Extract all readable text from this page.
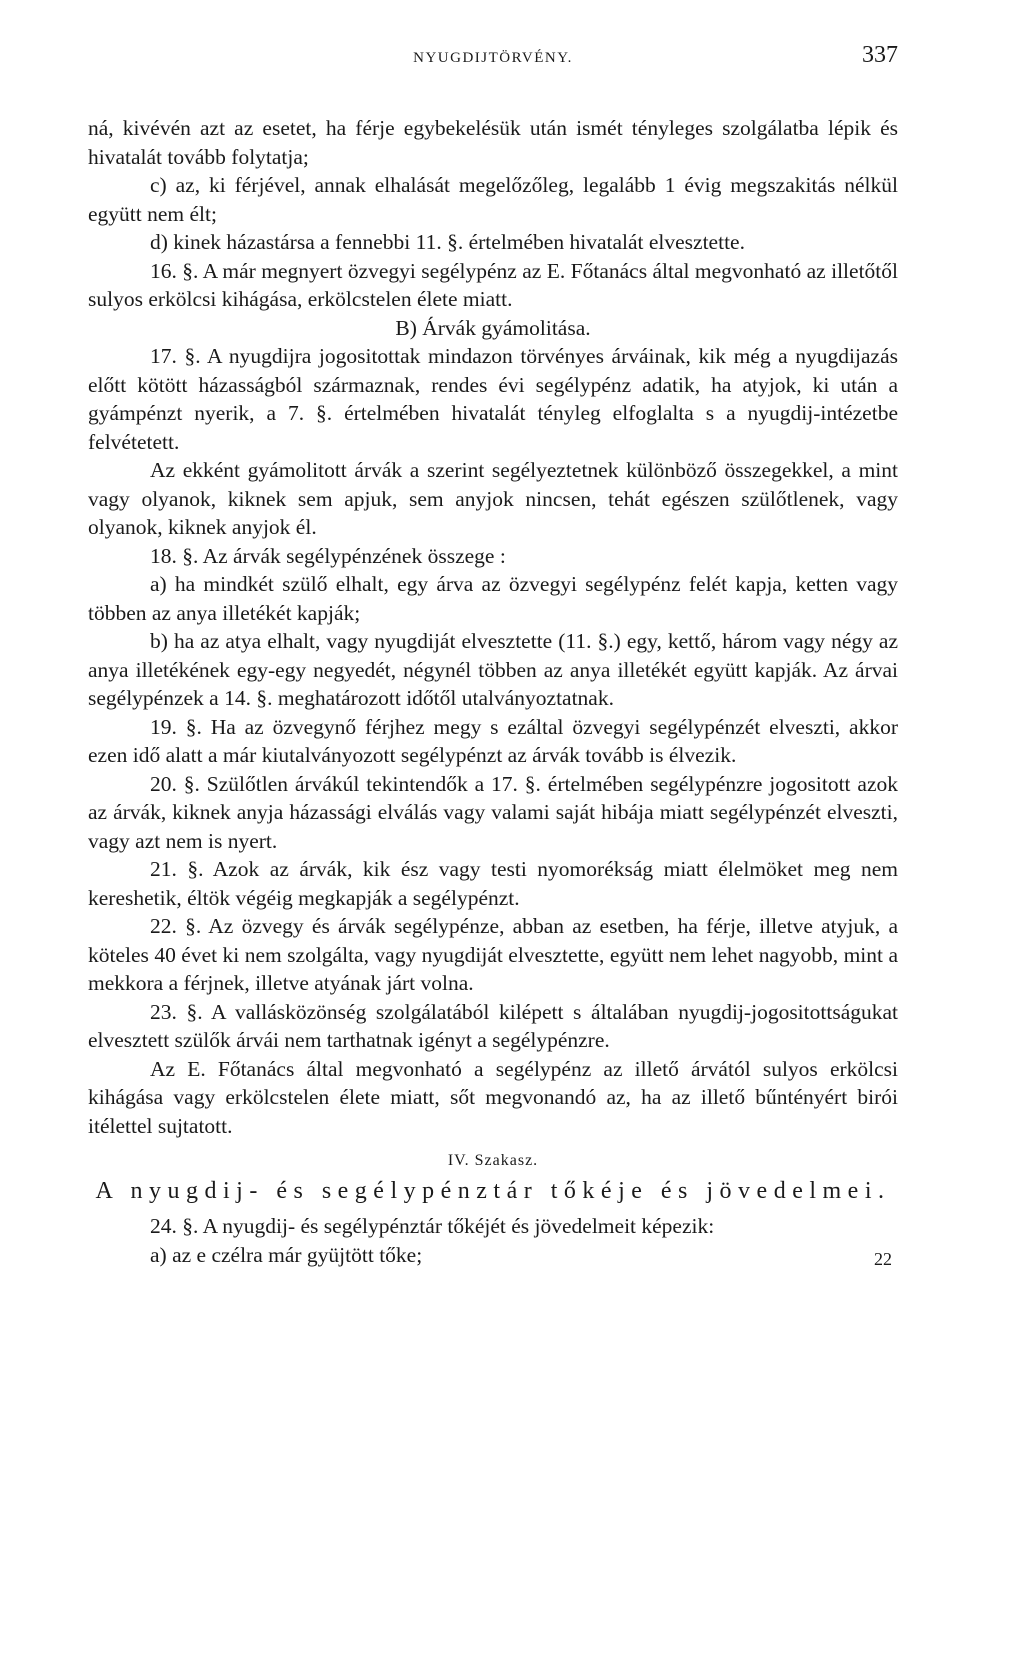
NYUGDIJTÖRVÉNY.	337

ná, kivévén azt az esetet, ha férje egybekelésük után ismét tényleges szolgálatba lépik és hivatalát tovább folytatja;

c) az, ki férjével, annak elhalását megelőzőleg, legalább 1 évig megszakitás nélkül együtt nem élt;

d) kinek házastársa a fennebbi 11. §. értelmében hivatalát elvesztette.

16. §. A már megnyert özvegyi segélypénz az E. Főtanács által megvonható az illetőtől sulyos erkölcsi kihágása, erkölcstelen élete miatt.

B) Árvák gyámolitása.

17. §. A nyugdijra jogositottak mindazon törvényes árváinak, kik még a nyugdijazás előtt kötött házasságból származnak, rendes évi segélypénz adatik, ha atyjok, ki után a gyámpénzt nyerik, a 7. §. értelmében hivatalát tényleg elfoglalta s a nyugdij-intézetbe felvétetett.

Az ekként gyámolitott árvák a szerint segélyeztetnek különböző összegekkel, a mint vagy olyanok, kiknek sem apjuk, sem anyjok nincsen, tehát egészen szülőtlenek, vagy olyanok, kiknek anyjok él.

18. §. Az árvák segélypénzének összege :

a) ha mindkét szülő elhalt, egy árva az özvegyi segélypénz felét kapja, ketten vagy többen az anya illetékét kapják;

b) ha az atya elhalt, vagy nyugdiját elvesztette (11. §.) egy, kettő, három vagy négy az anya illetékének egy-egy negyedét, négynél többen az anya illetékét együtt kapják. Az árvai segélypénzek a 14. §. meghatározott időtől utalványoztatnak.

19. §. Ha az özvegynő férjhez megy s ezáltal özvegyi segélypénzét elveszti, akkor ezen idő alatt a már kiutalványozott segélypénzt az árvák tovább is élvezik.

20. §. Szülőtlen árvákúl tekintendők a 17. §. értelmében segélypénzre jogositott azok az árvák, kiknek anyja házassági elválás vagy valami saját hibája miatt segélypénzét elveszti, vagy azt nem is nyert.

21. §. Azok az árvák, kik ész vagy testi nyomorékság miatt élelmöket meg nem kereshetik, éltök végéig megkapják a segélypénzt.

22. §. Az özvegy és árvák segélypénze, abban az esetben, ha férje, illetve atyjuk, a köteles 40 évet ki nem szolgálta, vagy nyugdiját elvesztette, együtt nem lehet nagyobb, mint a mekkora a férjnek, illetve atyának járt volna.

23. §. A vallásközönség szolgálatából kilépett s általában nyugdij-jogositottságukat elvesztett szülők árvái nem tarthatnak igényt a segélypénzre.

Az E. Főtanács által megvonható a segélypénz az illető árvától sulyos erkölcsi kihágása vagy erkölcstelen élete miatt, sőt megvonandó az, ha az illető bűntényért birói itélettel sujtatott.

IV. Szakasz.
A nyugdij- és segélypénztár tőkéje és jövedelmei.

24. §. A nyugdij- és segélypénztár tőkéjét és jövedelmeit képezik:

a) az e czélra már gyüjtött tőke;	22
